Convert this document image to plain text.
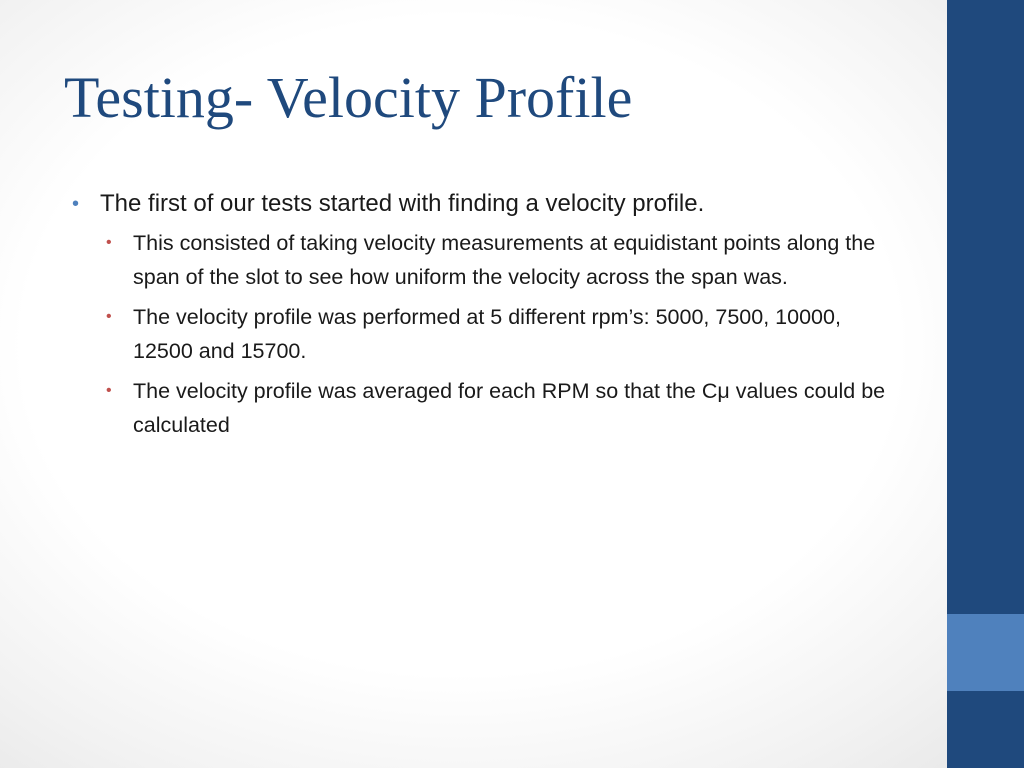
Testing- Velocity Profile
• The first of our tests started with finding a velocity profile.
• This consisted of taking velocity measurements at equidistant points along the span of the slot to see how uniform the velocity across the span was.
• The velocity profile was performed at 5 different rpm’s: 5000, 7500, 10000, 12500 and 15700.
• The velocity profile was averaged for each RPM so that the Cμ values could be calculated
